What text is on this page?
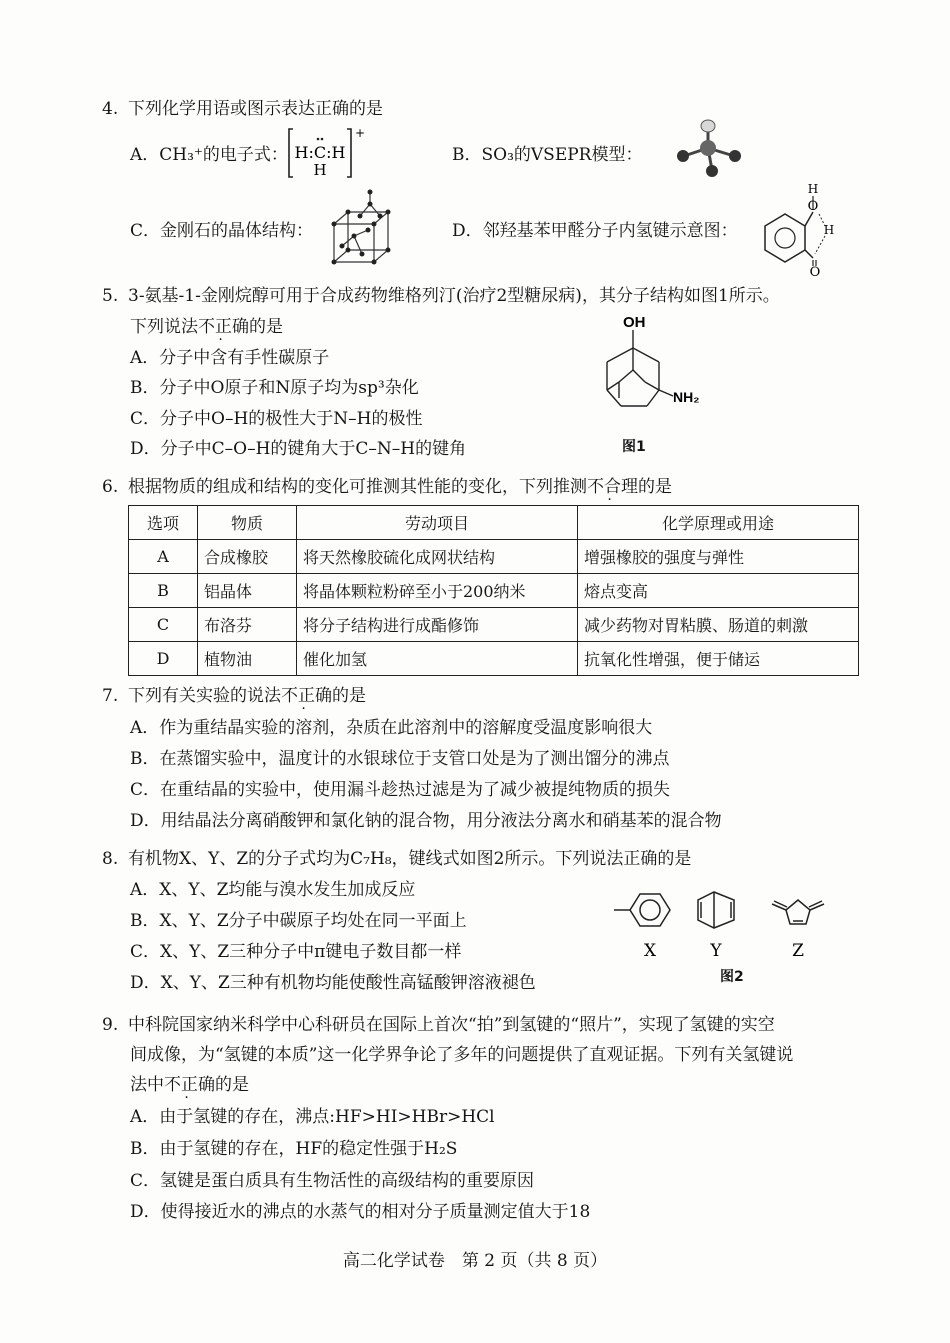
4. 下列化学用语或图示表达正确的是
A．CH₃⁺的电子式： H:C:H
H
+
B．SO₃的VSEPR模型：
C．金刚石的晶体结构：	D．邻羟基苯甲醛分子内氢键示意图：
O
H
H
O
5. 3-氨基-1-金刚烷醇可用于合成药物维格列汀(治疗2型糖尿病)，其分子结构如图1所示。
下列说法不正确的是
A．分子中含有手性碳原子
B．分子中O原子和N原子均为sp³杂化
C．分子中O–H的极性大于N–H的极性
D．分子中C–O–H的键角大于C–N–H的键角
OH
NH₂
图1
6. 根据物质的组成和结构的变化可推测其性能的变化，下列推测不合理的是
选项	物质	劳动项目	化学原理或用途
A	合成橡胶	将天然橡胶硫化成网状结构	增强橡胶的强度与弹性
B	铝晶体	将晶体颗粒粉碎至小于200纳米	熔点变高
C	布洛芬	将分子结构进行成酯修饰	减少药物对胃粘膜、肠道的刺激
D	植物油	催化加氢	抗氧化性增强，便于储运
7. 下列有关实验的说法不正确的是
A．作为重结晶实验的溶剂，杂质在此溶剂中的溶解度受温度影响很大
B．在蒸馏实验中，温度计的水银球位于支管口处是为了测出馏分的沸点
C．在重结晶的实验中，使用漏斗趁热过滤是为了减少被提纯物质的损失
D．用结晶法分离硝酸钾和氯化钠的混合物，用分液法分离水和硝基苯的混合物
8. 有机物X、Y、Z的分子式均为C₇H₈，键线式如图2所示。下列说法正确的是
A．X、Y、Z均能与溴水发生加成反应
B．X、Y、Z分子中碳原子均处在同一平面上
C．X、Y、Z三种分子中π键电子数目都一样
D．X、Y、Z三种有机物均能使酸性高锰酸钾溶液褪色
X	Y	Z
图2
9. 中科院国家纳米科学中心科研员在国际上首次“拍”到氢键的“照片”，实现了氢键的实空
间成像，为“氢键的本质”这一化学界争论了多年的问题提供了直观证据。下列有关氢键说
法中不正确的是
A．由于氢键的存在，沸点:HF>HI>HBr>HCl
B．由于氢键的存在，HF的稳定性强于H₂S
C．氢键是蛋白质具有生物活性的高级结构的重要原因
D．使得接近水的沸点的水蒸气的相对分子质量测定值大于18
高二化学试卷　第 2 页（共 8 页）
